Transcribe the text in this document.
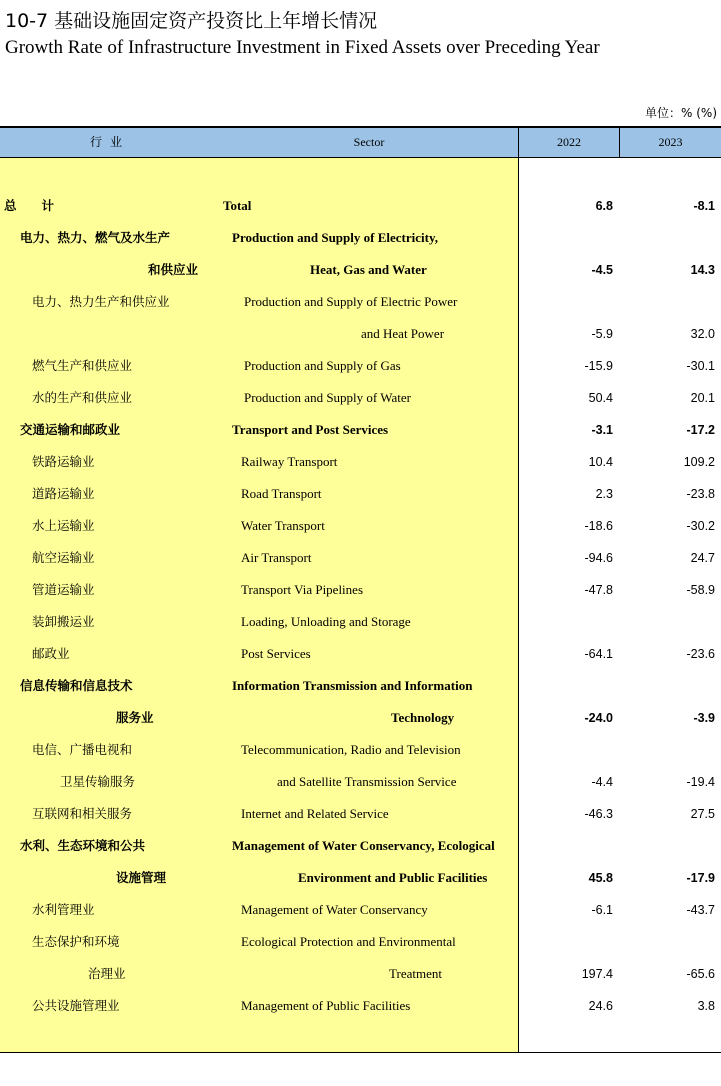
10-7 基础设施固定资产投资比上年增长情况
Growth Rate of Infrastructure Investment in Fixed Assets over Preceding Year
单位：% (%)
行业	Sector	2022	2023
总　　计	Total	6.8	-8.1
电力、热力、燃气及水生产	Production and Supply of Electricity,
和供应业	Heat, Gas and Water	-4.5	14.3
电力、热力生产和供应业	Production and Supply of Electric Power
and Heat Power	-5.9	32.0
燃气生产和供应业	Production and Supply of Gas	-15.9	-30.1
水的生产和供应业	Production and Supply of Water	50.4	20.1
交通运输和邮政业	Transport and Post Services	-3.1	-17.2
铁路运输业	Railway Transport	10.4	109.2
道路运输业	Road Transport	2.3	-23.8
水上运输业	Water Transport	-18.6	-30.2
航空运输业	Air Transport	-94.6	24.7
管道运输业	Transport Via Pipelines	-47.8	-58.9
装卸搬运业	Loading, Unloading and Storage
邮政业	Post Services	-64.1	-23.6
信息传输和信息技术	Information Transmission and Information
服务业	Technology	-24.0	-3.9
电信、广播电视和	Telecommunication, Radio and Television
卫星传输服务	and Satellite Transmission Service	-4.4	-19.4
互联网和相关服务	Internet and Related Service	-46.3	27.5
水利、生态环境和公共	Management of Water Conservancy, Ecological
设施管理	Environment and Public Facilities	45.8	-17.9
水利管理业	Management of Water Conservancy	-6.1	-43.7
生态保护和环境	Ecological Protection and Environmental
治理业	Treatment	197.4	-65.6
公共设施管理业	Management of Public Facilities	24.6	3.8
